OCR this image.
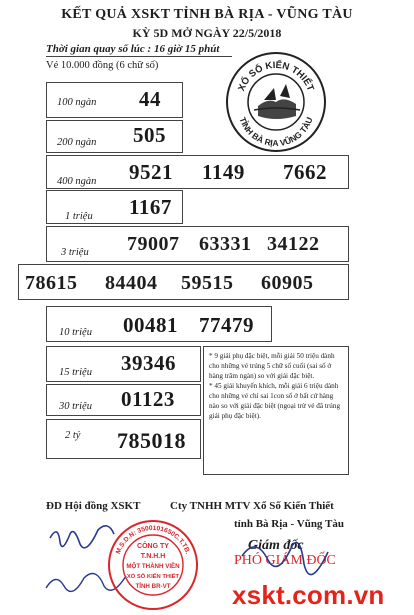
KẾT QUẢ XSKT TỈNH BÀ RỊA - VŨNG TÀU
KỲ 5D MỞ NGÀY 22/5/2018
Thời gian quay số lúc : 16 giờ 15 phút
Vé 10.000 đồng (6 chữ số)
XỔ SỐ KIẾN THIẾT
TỈNH BÀ RỊA VŨNG TÀU
100 ngàn 44
200 ngàn 505
400 ngàn 9521 1149 7662
1 triệu 1167
3 triệu 79007 63331 34122
78615 84404 59515 60905
10 triệu 00481 77479
15 triệu 39346
30 triệu 01123
2 tỷ 785018

* 9 giải phụ đặc biệt, mỗi giải 50 triệu dành cho những vé trúng 5 chữ số cuối (sai số ở hàng trăm ngàn) so với giải đặc biệt.

* 45 giải khuyến khích, mỗi giải 6 triệu dành cho những vé chỉ sai 1con số ở bất cứ hàng nào so với giải đặc biệt (ngoại trừ vé đã trúng giải phụ đặc biệt).

ĐD Hội đồng XSKT	Cty TNHH MTV Xổ Số Kiến Thiết
tỉnh Bà Rịa - Vũng Tàu
Giám đốc
PHÓ GIÁM ĐỐC
M.S.D.N: 3500101650C.T.TB.
CÔNG TY
T.N.H.H
MỘT THÀNH VIÊN
XỔ SỐ KIẾN THIẾT
TỈNH BR-VT xskt.com.vn
